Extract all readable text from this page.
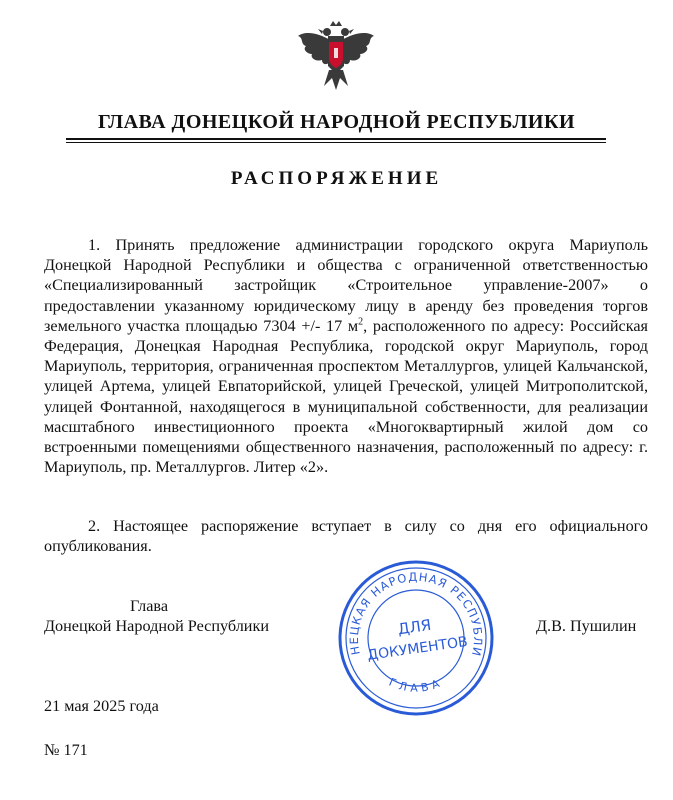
ГЛАВА ДОНЕЦКОЙ НАРОДНОЙ РЕСПУБЛИКИ
РАСПОРЯЖЕНИЕ
1. Принять предложение администрации городского округа Мариуполь Донецкой Народной Республики и общества с ограниченной ответственностью «Специализированный застройщик «Строительное управление-2007» о предоставлении указанному юридическому лицу в аренду без проведения торгов земельного участка площадью 7304 +/- 17 $м^2$, расположенного по адресу: Российская Федерация, Донецкая Народная Республика, городской округ Мариуполь, город Мариуполь, территория, ограниченная проспектом Металлургов, улицей Кальчанской, улицей Артема, улицей Евпаторийской, улицей Греческой, улицей Митрополитской, улицей Фонтанной, находящегося в муниципальной собственности, для реализации масштабного инвестиционного проекта «Многоквартирный жилой дом со встроенными помещениями общественного назначения, расположенный по адресу: г. Мариуполь, пр. Металлургов. Литер «2».
2. Настоящее распоряжение вступает в силу со дня его официального опубликования.
Глава
Донецкой Народной Республики	Д.В. Пушилин
21 мая 2025 года
№ 171
НЕЦКАЯ НАРОДНАЯ РЕСПУБЛИ
ГЛАВА
ДЛЯ
ДОКУМЕНТОВ
